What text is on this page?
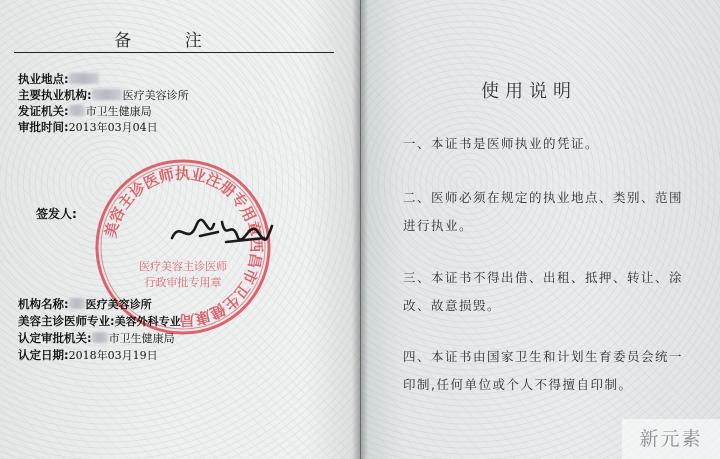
备 注
执业地点:
主要执业机构:	医疗美容诊所
发证机关: 市卫生健康局
审批时间:2013年03月04日
签发人:
美容主诊医师执业注册专用章西昌市卫生健康局
医疗美容主诊医师
行政审批专用章
机构名称: 医疗美容诊所
美容主诊医师专业:美容外科专业
认定审批机关: 市卫生健康局
认定日期:2018年03月19日
使用说明
一、本证书是医师执业的凭证。
二、医师必须在规定的执业地点、类别、范围进行执业。
三、本证书不得出借、出租、抵押、转让、涂改、故意损毁。
四、本证书由国家卫生和计划生育委员会统一印制,任何单位或个人不得擅自印制。
新元素
